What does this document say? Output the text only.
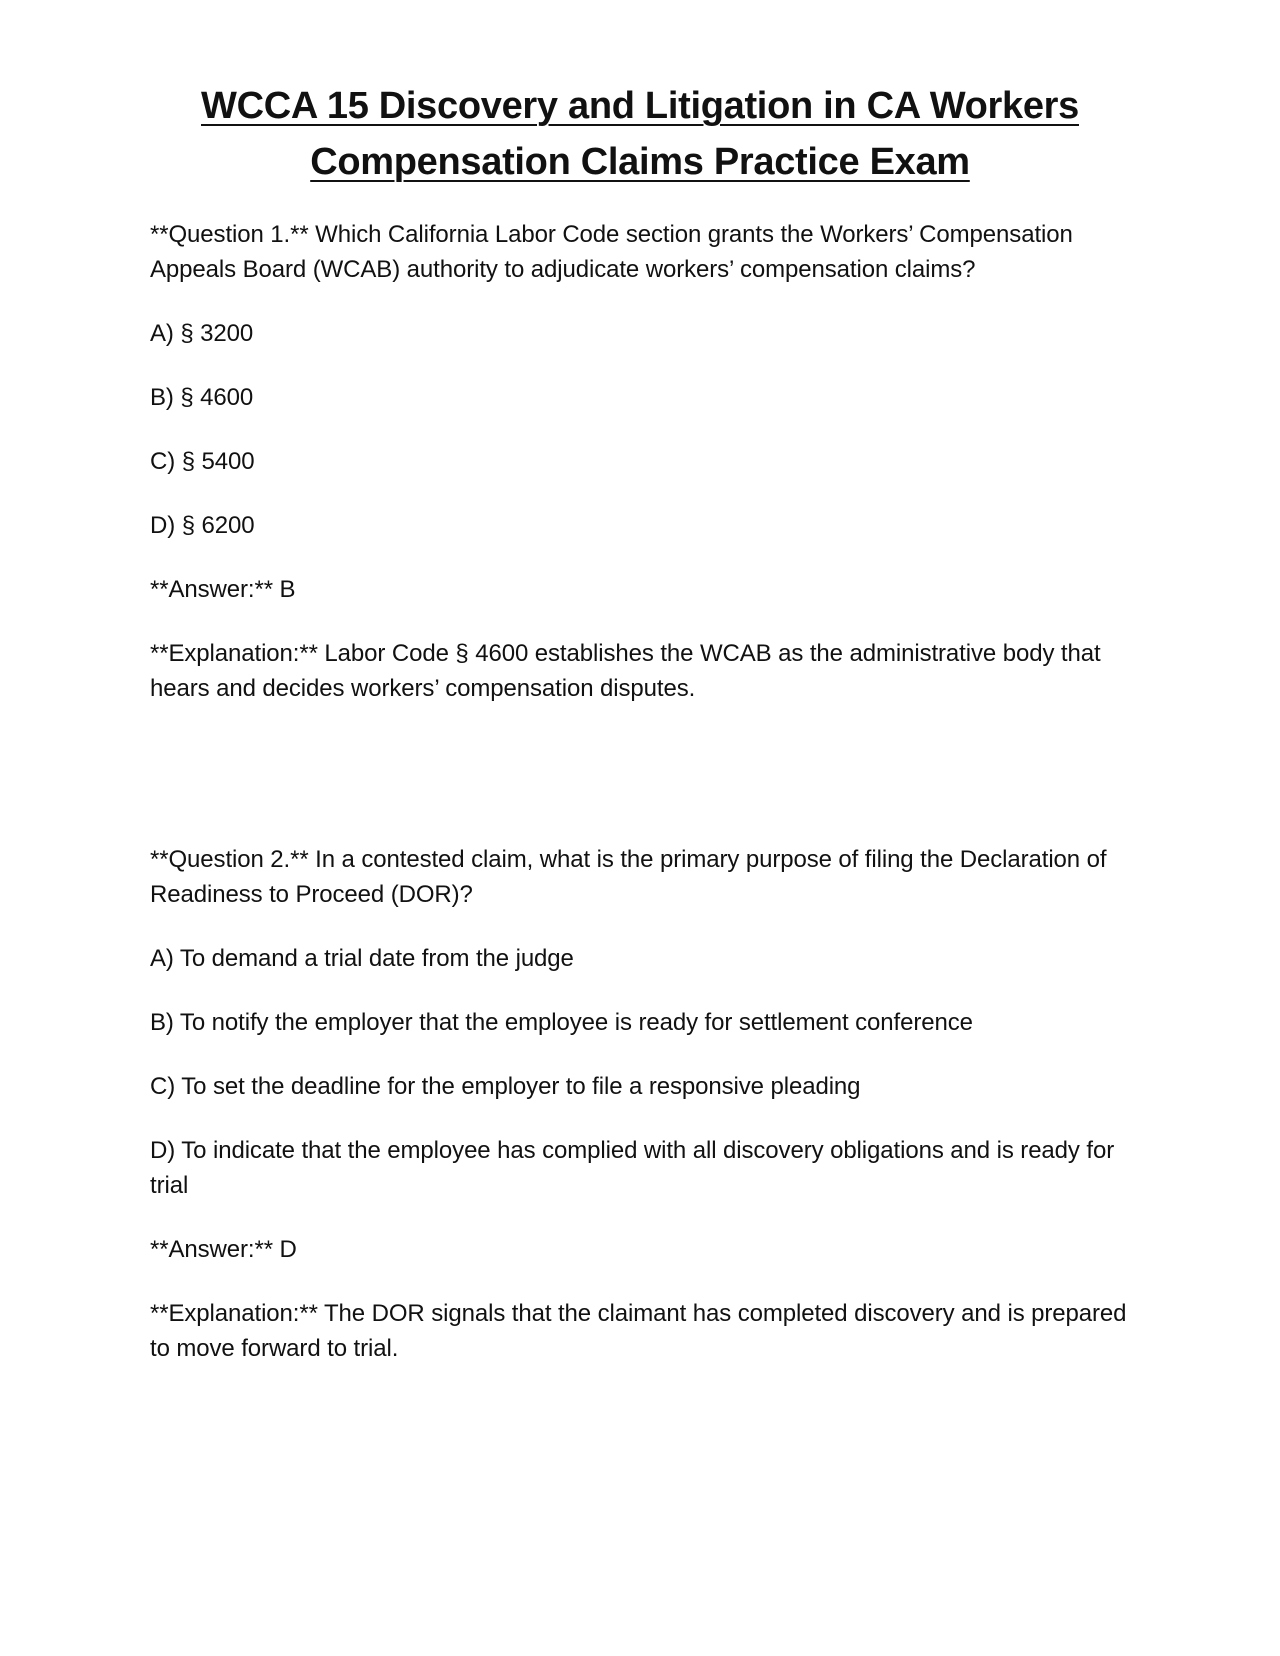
WCCA 15 Discovery and Litigation in CA Workers Compensation Claims Practice Exam

**Question 1.** Which California Labor Code section grants the Workers’ Compensation Appeals Board (WCAB) authority to adjudicate workers’ compensation claims?

A) § 3200

B) § 4600

C) § 5400

D) § 6200

**Answer:** B

**Explanation:** Labor Code § 4600 establishes the WCAB as the administrative body that hears and decides workers’ compensation disputes.

**Question 2.** In a contested claim, what is the primary purpose of filing the Declaration of Readiness to Proceed (DOR)?

A) To demand a trial date from the judge

B) To notify the employer that the employee is ready for settlement conference

C) To set the deadline for the employer to file a responsive pleading

D) To indicate that the employee has complied with all discovery obligations and is ready for trial

**Answer:** D

**Explanation:** The DOR signals that the claimant has completed discovery and is prepared to move forward to trial.
